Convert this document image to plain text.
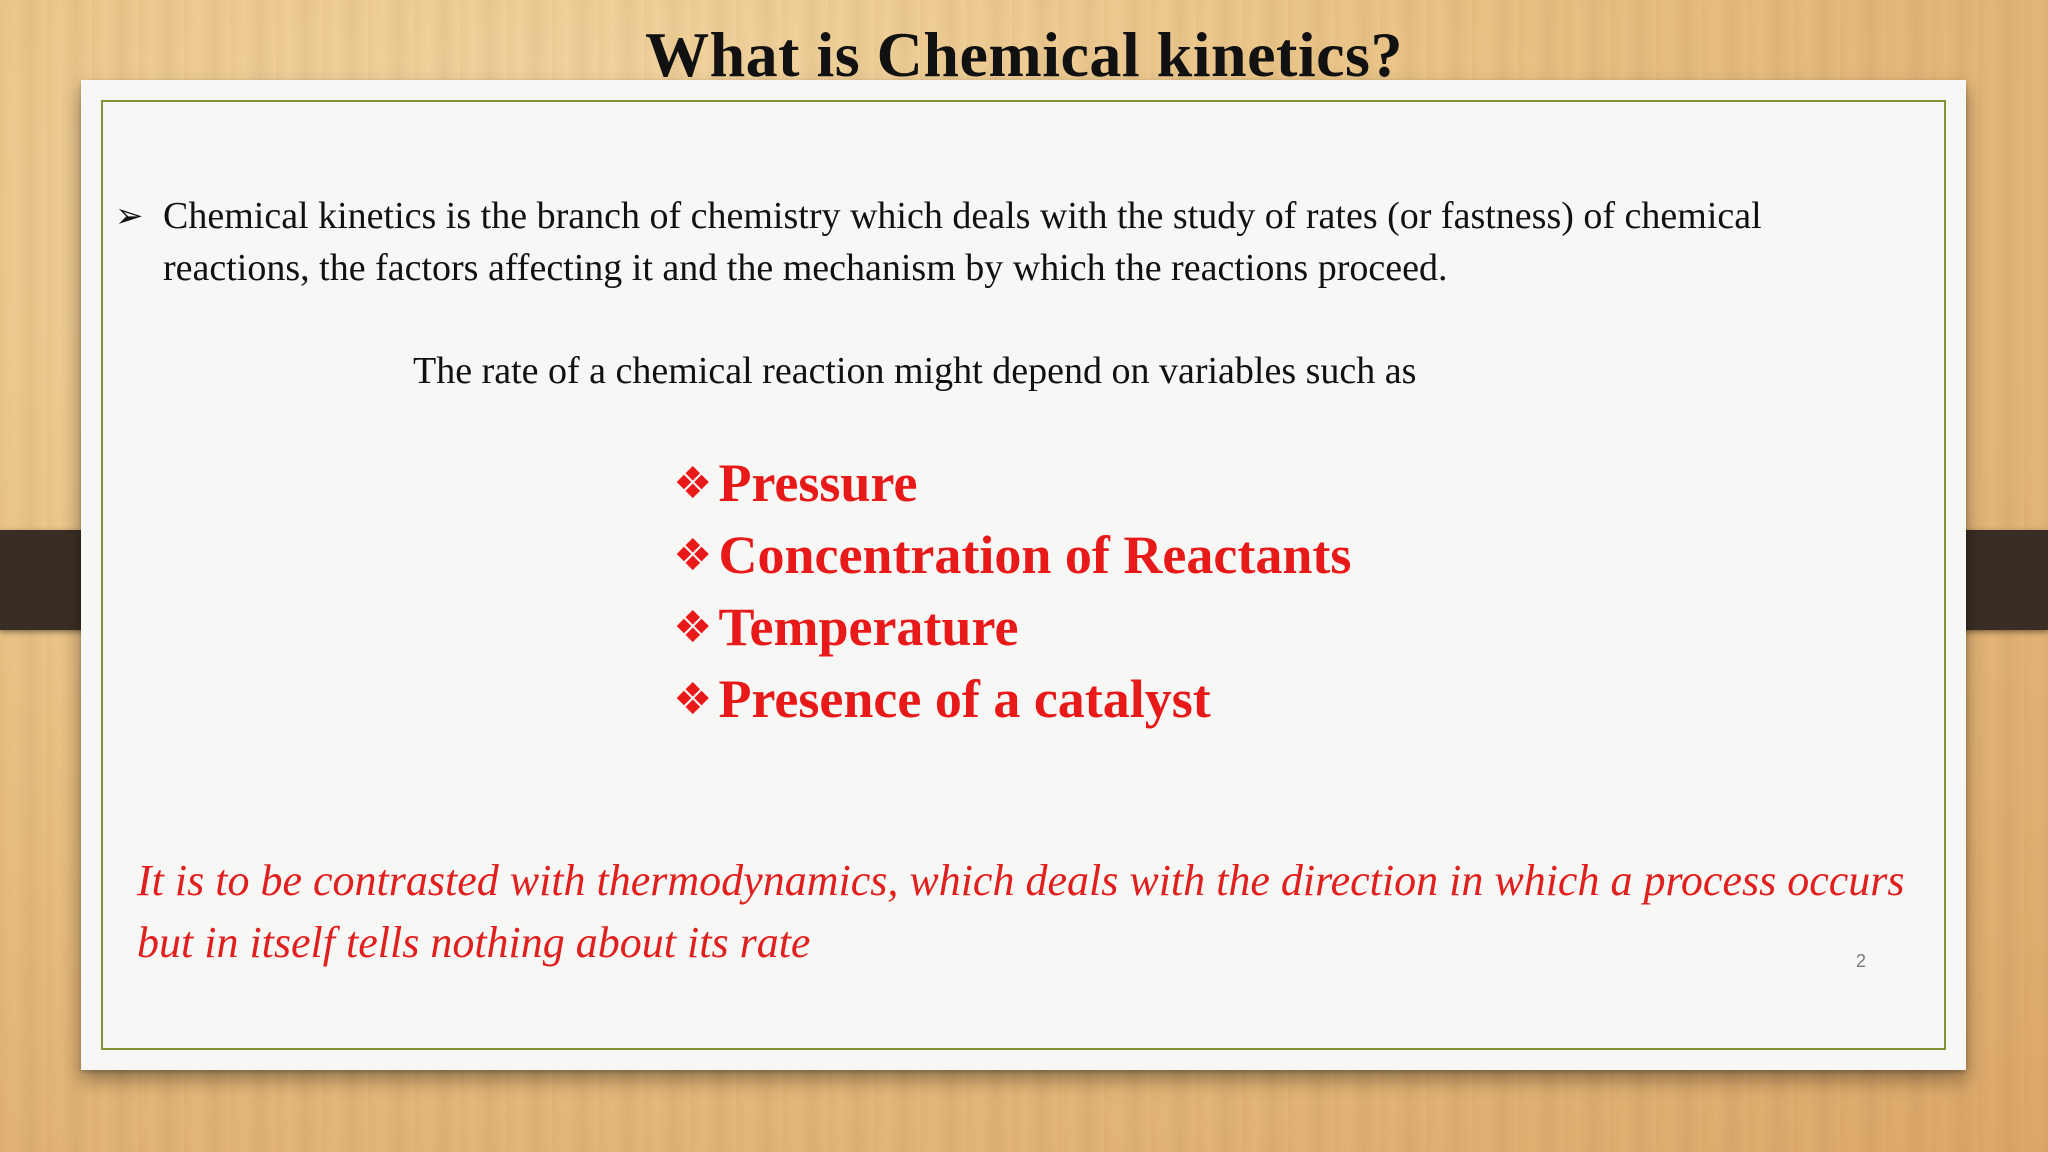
What is Chemical kinetics?
➢ Chemical kinetics is the branch of chemistry which deals with the study of rates (or fastness) of chemical reactions, the factors affecting it and the mechanism by which the reactions proceed.
The rate of a chemical reaction might depend on variables such as
❖ Pressure
❖ Concentration of Reactants
❖ Temperature
❖ Presence of a catalyst
It is to be contrasted with thermodynamics, which deals with the direction in which a process occurs but in itself tells nothing about its rate	2
